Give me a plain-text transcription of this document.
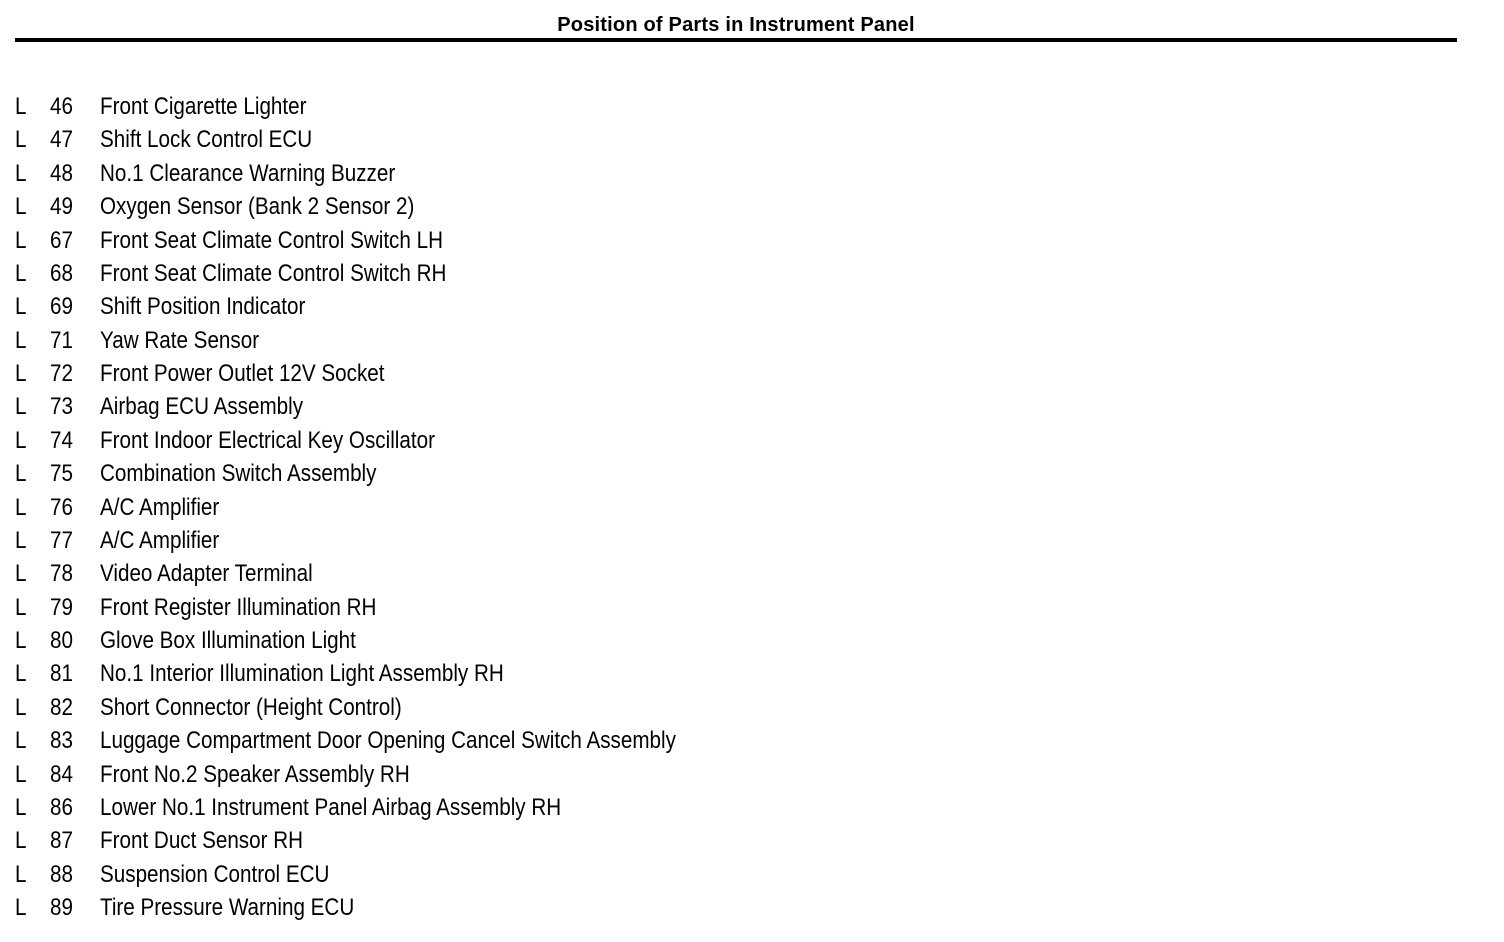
Position of Parts in Instrument Panel
L 46 Front Cigarette Lighter
L 47 Shift Lock Control ECU
L 48 No.1 Clearance Warning Buzzer
L 49 Oxygen Sensor (Bank 2 Sensor 2)
L 67 Front Seat Climate Control Switch LH
L 68 Front Seat Climate Control Switch RH
L 69 Shift Position Indicator
L 71 Yaw Rate Sensor
L 72 Front Power Outlet 12V Socket
L 73 Airbag ECU Assembly
L 74 Front Indoor Electrical Key Oscillator
L 75 Combination Switch Assembly
L 76 A/C Amplifier
L 77 A/C Amplifier
L 78 Video Adapter Terminal
L 79 Front Register Illumination RH
L 80 Glove Box Illumination Light
L 81 No.1 Interior Illumination Light Assembly RH
L 82 Short Connector (Height Control)
L 83 Luggage Compartment Door Opening Cancel Switch Assembly
L 84 Front No.2 Speaker Assembly RH
L 86 Lower No.1 Instrument Panel Airbag Assembly RH
L 87 Front Duct Sensor RH
L 88 Suspension Control ECU
L 89 Tire Pressure Warning ECU
